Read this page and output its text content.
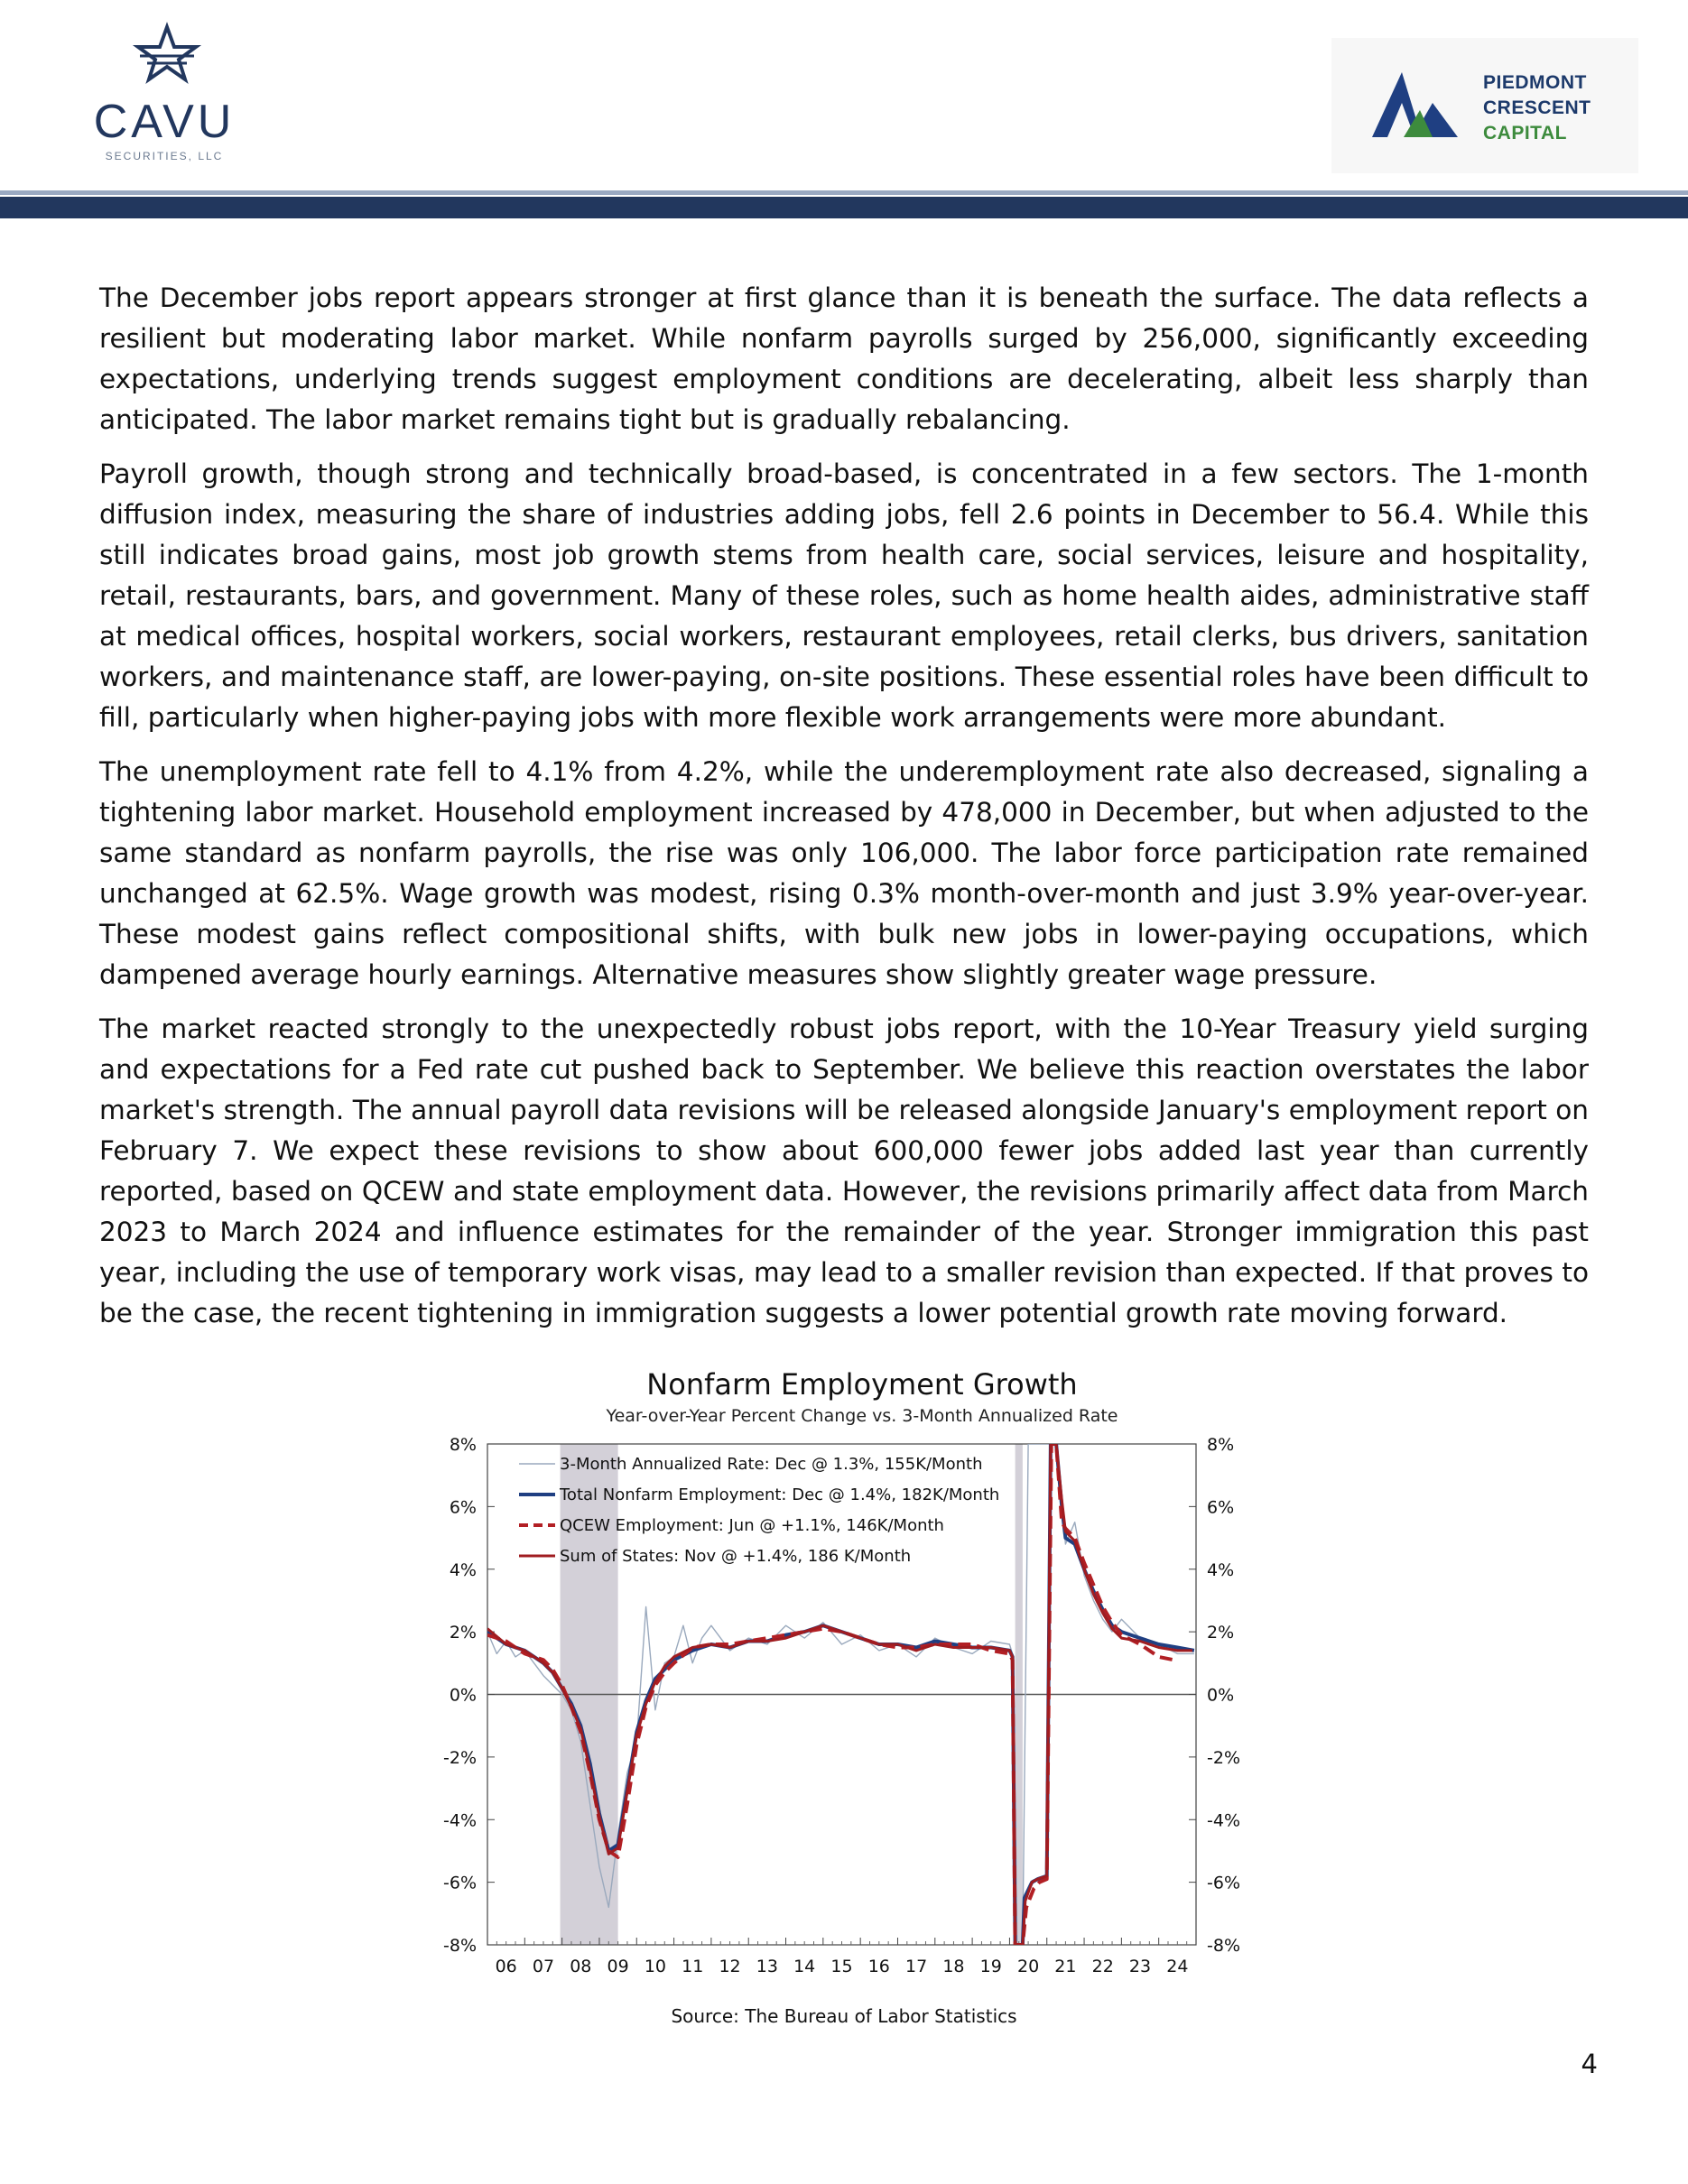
CAVU
SECURITIES, LLC
PIEDMONT
CRESCENT
CAPITAL

The December jobs report appears stronger at first glance than it is beneath the surface. The data reflects a resilient but moderating labor market. While nonfarm payrolls surged by 256,000, significantly exceeding expectations, underlying trends suggest employment conditions are decelerating, albeit less sharply than anticipated. The labor market remains tight but is gradually rebalancing.

Payroll growth, though strong and technically broad-based, is concentrated in a few sectors. The 1-month diffusion index, measuring the share of industries adding jobs, fell 2.6 points in December to 56.4. While this still indicates broad gains, most job growth stems from health care, social services, leisure and hospitality, retail, restaurants, bars, and government. Many of these roles, such as home health aides, administrative staff at medical offices, hospital workers, social workers, restaurant employees, retail clerks, bus drivers, sanitation workers, and maintenance staff, are lower-paying, on-site positions. These essential roles have been difficult to fill, particularly when higher-paying jobs with more flexible work arrangements were more abundant.

The unemployment rate fell to 4.1% from 4.2%, while the underemployment rate also decreased, signaling a tightening labor market. Household employment increased by 478,000 in December, but when adjusted to the same standard as nonfarm payrolls, the rise was only 106,000. The labor force participation rate remained unchanged at 62.5%. Wage growth was modest, rising 0.3% month-over-month and just 3.9% year-over-year. These modest gains reflect compositional shifts, with bulk new jobs in lower-paying occupations, which dampened average hourly earnings. Alternative measures show slightly greater wage pressure.

The market reacted strongly to the unexpectedly robust jobs report, with the 10-Year Treasury yield surging and expectations for a Fed rate cut pushed back to September. We believe this reaction overstates the labor market's strength. The annual payroll data revisions will be released alongside January's employment report on February 7. We expect these revisions to show about 600,000 fewer jobs added last year than currently reported, based on QCEW and state employment data. However, the revisions primarily affect data from March 2023 to March 2024 and influence estimates for the remainder of the year. Stronger immigration this past year, including the use of temporary work visas, may lead to a smaller revision than expected. If that proves to be the case, the recent tightening in immigration suggests a lower potential growth rate moving forward.

Nonfarm Employment Growth
Year-over-Year Percent Change vs. 3-Month Annualized Rate
-8%	-8%
-6%	-6%
-4%	-4%
-2%	-2%
0%	0%
2%	2%
4%	4%
6%	6%
8%	8%
06 07 08 09 10 11 12 13 14 15 16 17 18 19 20 21 22 23 24
3-Month Annualized Rate: Dec @ 1.3%, 155K/Month
Total Nonfarm Employment: Dec @ 1.4%, 182K/Month
QCEW Employment: Jun @ +1.1%, 146K/Month
Sum of States: Nov @ +1.4%, 186 K/Month
Source: The Bureau of Labor Statistics
4
